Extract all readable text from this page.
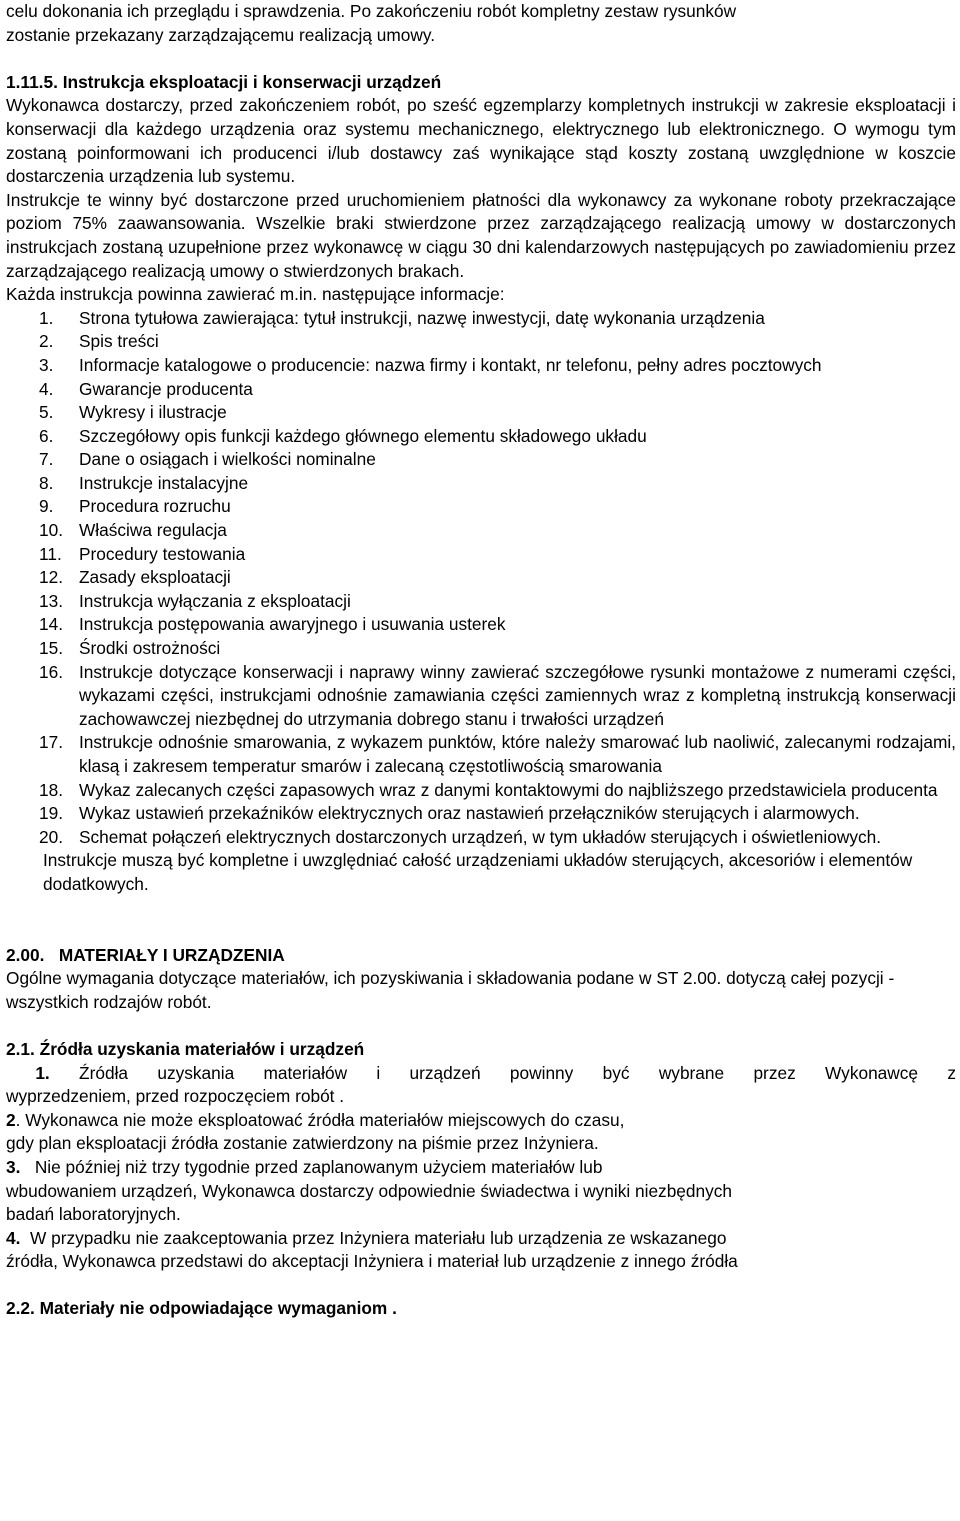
celu dokonania ich przeglądu i sprawdzenia. Po zakończeniu robót kompletny zestaw rysunków

zostanie przekazany zarządzającemu realizacją umowy.

1.11.5. Instrukcja eksploatacji i konserwacji urządzeń

Wykonawca dostarczy, przed zakończeniem robót, po sześć egzemplarzy kompletnych instrukcji w zakresie eksploatacji i konserwacji dla każdego urządzenia oraz systemu mechanicznego, elektrycznego lub elektronicznego. O wymogu tym zostaną poinformowani ich producenci i/lub dostawcy zaś wynikające stąd koszty zostaną uwzględnione w koszcie dostarczenia urządzenia lub systemu.

Instrukcje te winny być dostarczone przed uruchomieniem płatności dla wykonawcy za wykonane roboty przekraczające poziom 75% zaawansowania. Wszelkie braki stwierdzone przez zarządzającego realizacją umowy w dostarczonych instrukcjach zostaną uzupełnione przez wykonawcę w ciągu 30 dni kalendarzowych następujących po zawiadomieniu przez zarządzającego realizacją umowy o stwierdzonych brakach.

Każda instrukcja powinna zawierać m.in. następujące informacje:

1. Strona tytułowa zawierająca: tytuł instrukcji, nazwę inwestycji, datę wykonania urządzenia
2. Spis treści
3. Informacje katalogowe o producencie: nazwa firmy i kontakt, nr telefonu, pełny adres pocztowych
4. Gwarancje producenta
5. Wykresy i ilustracje
6. Szczegółowy opis funkcji każdego głównego elementu składowego układu
7. Dane o osiągach i wielkości nominalne
8. Instrukcje instalacyjne
9. Procedura rozruchu
10. Właściwa regulacja
11. Procedury testowania
12. Zasady eksploatacji
13. Instrukcja wyłączania z eksploatacji
14. Instrukcja postępowania awaryjnego i usuwania usterek
15. Środki ostrożności
16. Instrukcje dotyczące konserwacji i naprawy winny zawierać szczegółowe rysunki montażowe z numerami części, wykazami części, instrukcjami odnośnie zamawiania części zamiennych wraz z kompletną instrukcją konserwacji zachowawczej niezbędnej do utrzymania dobrego stanu i trwałości urządzeń
17. Instrukcje odnośnie smarowania, z wykazem punktów, które należy smarować lub naoliwić, zalecanymi rodzajami, klasą i zakresem temperatur smarów i zalecaną częstotliwością smarowania
18. Wykaz zalecanych części zapasowych wraz z danymi kontaktowymi do najbliższego przedstawiciela producenta
19. Wykaz ustawień przekaźników elektrycznych oraz nastawień przełączników sterujących i alarmowych.
20. Schemat połączeń elektrycznych dostarczonych urządzeń, w tym układów sterujących i oświetleniowych.

Instrukcje muszą być kompletne i uwzględniać całość urządzeniami układów sterujących, akcesoriów i elementów dodatkowych.

2.00. MATERIAŁY I URZĄDZENIA

Ogólne wymagania dotyczące materiałów, ich pozyskiwania i składowania podane w ST 2.00. dotyczą całej pozycji - wszystkich rodzajów robót.

2.1. Źródła uzyskania materiałów i urządzeń

1. Źródła uzyskania materiałów i urządzeń powinny być wybrane przez Wykonawcę z

wyprzedzeniem, przed rozpoczęciem robót .

2. Wykonawca nie może eksploatować źródła materiałów miejscowych do czasu,

gdy plan eksploatacji źródła zostanie zatwierdzony na piśmie przez Inżyniera.

3. Nie później niż trzy tygodnie przed zaplanowanym użyciem materiałów lub

wbudowaniem urządzeń, Wykonawca dostarczy odpowiednie świadectwa i wyniki niezbędnych

badań laboratoryjnych.

4. W przypadku nie zaakceptowania przez Inżyniera materiału lub urządzenia ze wskazanego

źródła, Wykonawca przedstawi do akceptacji Inżyniera i materiał lub urządzenie z innego źródła

2.2. Materiały nie odpowiadające wymaganiom .
